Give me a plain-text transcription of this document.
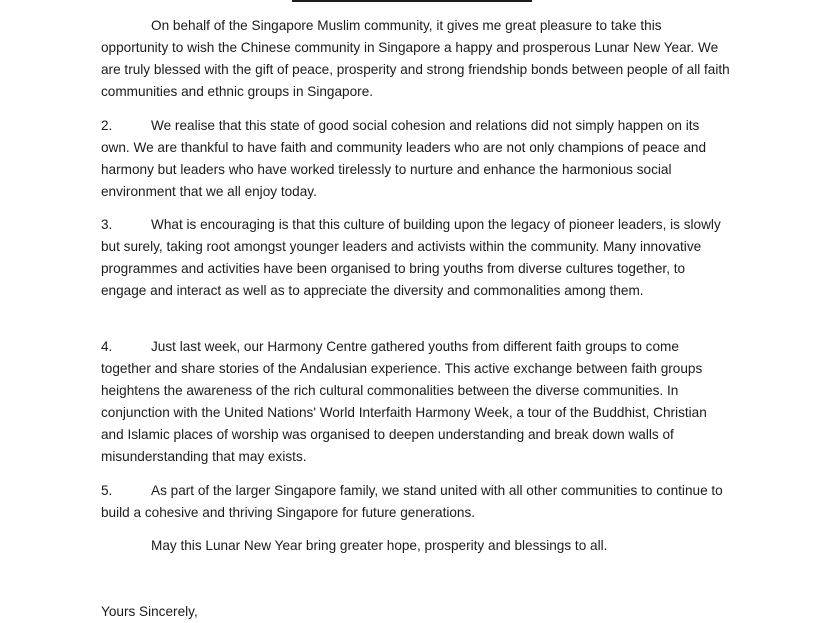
On behalf of the Singapore Muslim community, it gives me great pleasure to take this opportunity to wish the Chinese community in Singapore a happy and prosperous Lunar New Year. We are truly blessed with the gift of peace, prosperity and strong friendship bonds between people of all faith communities and ethnic groups in Singapore.

2.	We realise that this state of good social cohesion and relations did not simply happen on its own. We are thankful to have faith and community leaders who are not only champions of peace and harmony but leaders who have worked tirelessly to nurture and enhance the harmonious social environment that we all enjoy today.

3.	What is encouraging is that this culture of building upon the legacy of pioneer leaders, is slowly but surely, taking root amongst younger leaders and activists within the community. Many innovative programmes and activities have been organised to bring youths from diverse cultures together, to engage and interact as well as to appreciate the diversity and commonalities among them.

4.	Just last week, our Harmony Centre gathered youths from different faith groups to come together and share stories of the Andalusian experience. This active exchange between faith groups heightens the awareness of the rich cultural commonalities between the diverse communities. In conjunction with the United Nations' World Interfaith Harmony Week, a tour of the Buddhist, Christian and Islamic places of worship was organised to deepen understanding and break down walls of misunderstanding that may exists.

5.	As part of the larger Singapore family, we stand united with all other communities to continue to build a cohesive and thriving Singapore for future generations.

May this Lunar New Year bring greater hope, prosperity and blessings to all.
Yours Sincerely,
